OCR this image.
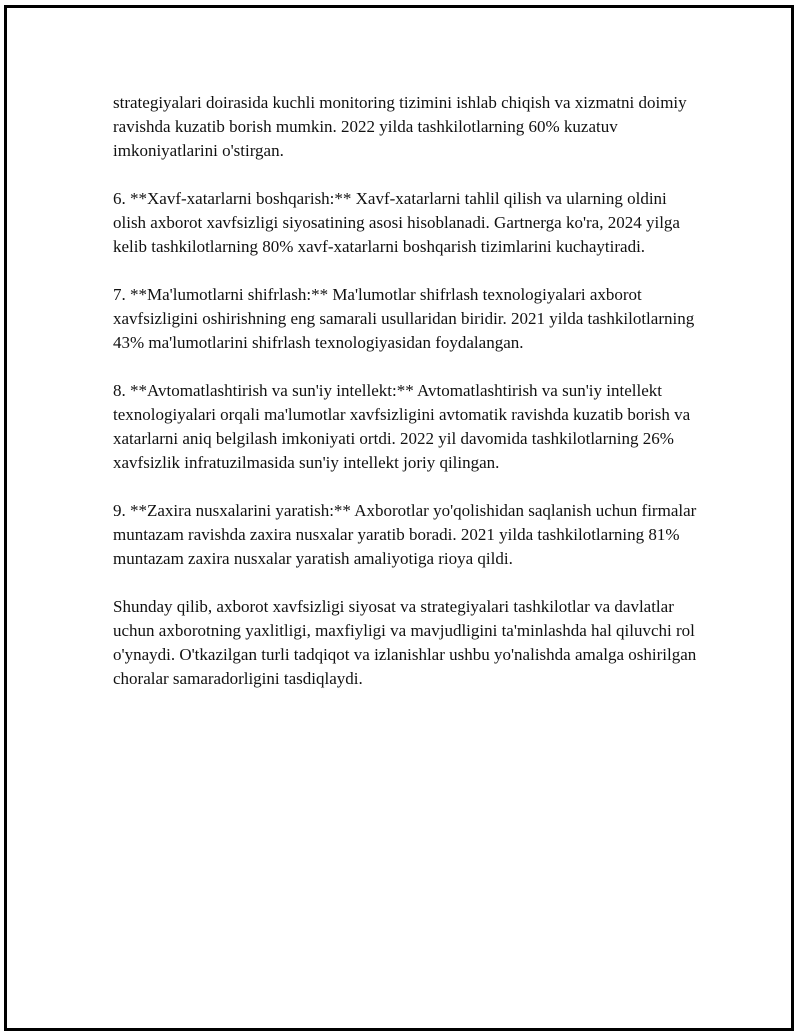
strategiyalari doirasida kuchli monitoring tizimini ishlab chiqish va xizmatni doimiy ravishda kuzatib borish mumkin. 2022 yilda tashkilotlarning 60% kuzatuv imkoniyatlarini o'stirgan.

6. **Xavf-xatarlarni boshqarish:** Xavf-xatarlarni tahlil qilish va ularning oldini olish axborot xavfsizligi siyosatining asosi hisoblanadi. Gartnerga ko'ra, 2024 yilga kelib tashkilotlarning 80% xavf-xatarlarni boshqarish tizimlarini kuchaytiradi.

7. **Ma'lumotlarni shifrlash:** Ma'lumotlar shifrlash texnologiyalari axborot xavfsizligini oshirishning eng samarali usullaridan biridir. 2021 yilda tashkilotlarning 43% ma'lumotlarini shifrlash texnologiyasidan foydalangan.

8. **Avtomatlashtirish va sun'iy intellekt:** Avtomatlashtirish va sun'iy intellekt texnologiyalari orqali ma'lumotlar xavfsizligini avtomatik ravishda kuzatib borish va xatarlarni aniq belgilash imkoniyati ortdi. 2022 yil davomida tashkilotlarning 26% xavfsizlik infratuzilmasida sun'iy intellekt joriy qilingan.

9. **Zaxira nusxalarini yaratish:** Axborotlar yo'qolishidan saqlanish uchun firmalar muntazam ravishda zaxira nusxalar yaratib boradi. 2021 yilda tashkilotlarning 81% muntazam zaxira nusxalar yaratish amaliyotiga rioya qildi.

Shunday qilib, axborot xavfsizligi siyosat va strategiyalari tashkilotlar va davlatlar uchun axborotning yaxlitligi, maxfiyligi va mavjudligini ta'minlashda hal qiluvchi rol o'ynaydi. O'tkazilgan turli tadqiqot va izlanishlar ushbu yo'nalishda amalga oshirilgan choralar samaradorligini tasdiqlaydi.
